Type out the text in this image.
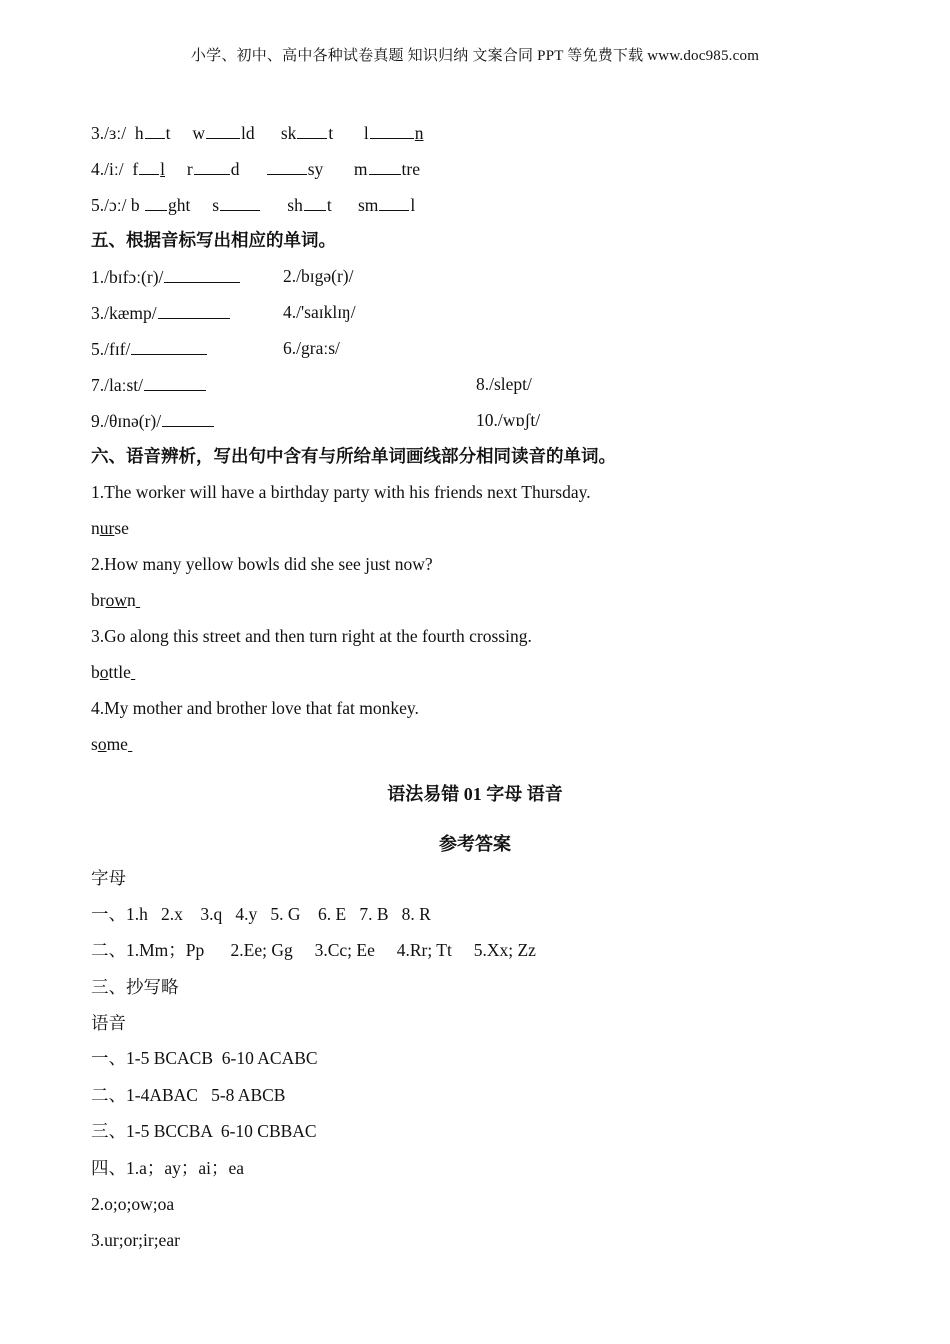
小学、初中、高中各种试卷真题 知识归纳 文案合同 PPT 等免费下载 www.doc985.com
3./ɜː/ h t w ld sk t l	n
4./iː/ f l r d	sy m tre
5./ɔː/ b ght s	sh t sm l
五、根据音标写出相应的单词。
1./bɪfɔː(r)/	2./bɪgə(r)/
3./kæmp/	4./'saɪklɪŋ/
5./fɪf/	6./graːs/
7./laːst/	8./slept/
9./θɪnə(r)/	10./wɒʃt/
六、语音辨析，写出句中含有与所给单词画线部分相同读音的单词。
1.The worker will have a birthday party with his friends next Thursday.
nurse
2.How many yellow bowls did she see just now?
brown
3.Go along this street and then turn right at the fourth crossing.
bottle
4.My mother and brother love that fat monkey.
some
语法易错 01 字母 语音
参考答案
字母
一、1.h   2.x    3.q   4.y   5. G    6. E   7. B   8. R
二、1.Mm；Pp      2.Ee; Gg     3.Cc; Ee     4.Rr; Tt     5.Xx; Zz
三、抄写略
语音
一、1-5 BCACB  6-10 ACABC
二、1-4ABAC   5-8 ABCB
三、1-5 BCCBA  6-10 CBBAC
四、1.a；ay；ai；ea
2.o;o;ow;oa
3.ur;or;ir;ear
